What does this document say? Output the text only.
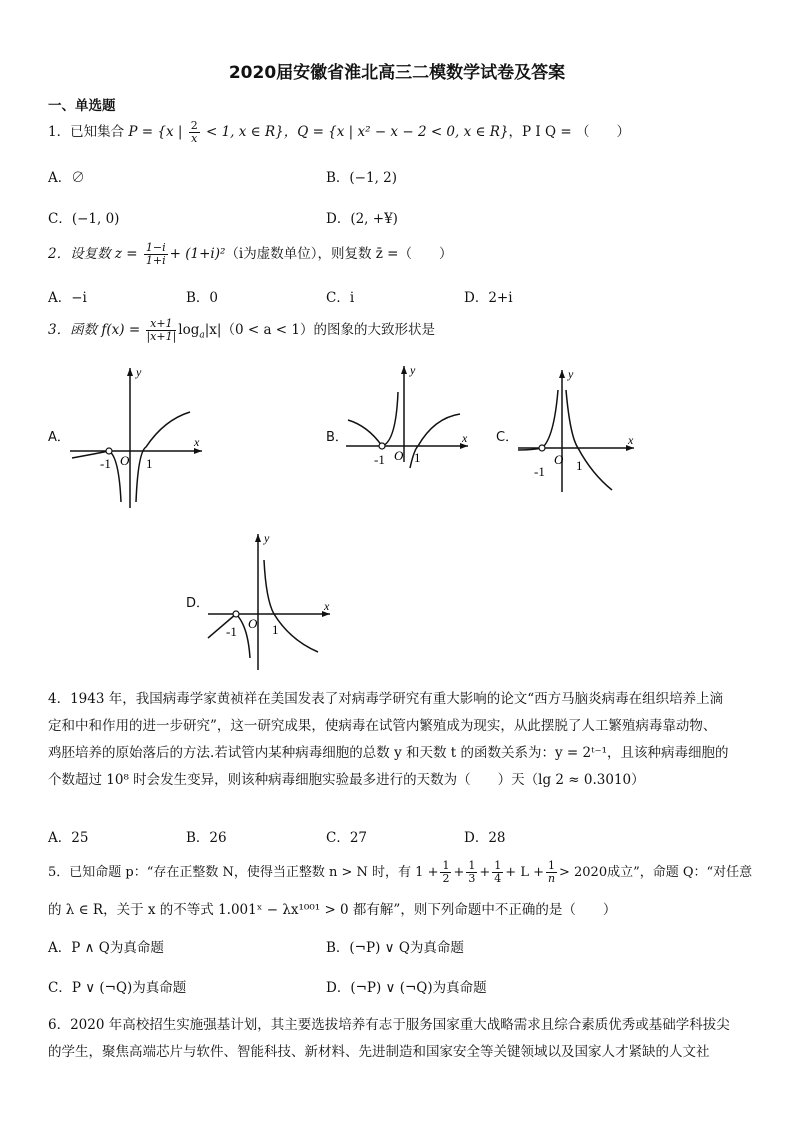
2020届安徽省淮北高三二模数学试卷及答案
一、单选题
1．已知集合 P = {x | $\frac{2}{x} < 1$, x ∈ R}，Q = {x | x² − x − 2 < 0, x ∈ R}，P I Q = （　　）
A．∅	B．(−1, 2)
C．(−1, 0)	D．(2, +¥)
2．设复数 $z = \frac{1-i}{1+i} + (1+i)^2(i$为虚数单位），则复数 z̄ =（　　）
A．−i	B．0	C．i	D．2+i
3．函数 $f(x) = \frac{x+1}{|x+1|} \log_a|x|(0 < a < 1)$的图象的大致形状是
A．	B．	C．
D．
x
y
-1 O 1
x
y
-1 O 1
x
y
-1
O 1
x
y
-1
O 1
4．1943 年，我国病毒学家黄祯祥在美国发表了对病毒学研究有重大影响的论文“西方马脑炎病毒在组织培养上滴
定和中和作用的进一步研究”，这一研究成果，使病毒在试管内繁殖成为现实，从此摆脱了人工繁殖病毒靠动物、
鸡胚培养的原始落后的方法.若试管内某种病毒细胞的总数 y 和天数 t 的函数关系为：y = 2ᵗ⁻¹，且该种病毒细胞的
个数超过 10⁸ 时会发生变异，则该种病毒细胞实验最多进行的天数为（　　）天（lg 2 ≈ 0.3010）
A．25	B．26	C．27	D．28
5．已知命题 p：“存在正整数 N，使得当正整数 n > N 时，有 $1 + \frac{1}{2} + \frac{1}{3} + \frac{1}{4} + L + \frac{1}{n} > 2020$成立”，命题 Q：“对任意
的 λ ∈ R，关于 x 的不等式 1.001ˣ − λx¹⁰⁰¹ > 0 都有解”，则下列命题中不正确的是（　　）
A．P ∧ Q为真命题	B．(¬P) ∨ Q为真命题
C．P ∨ (¬Q)为真命题	D．(¬P) ∨ (¬Q)为真命题
6．2020 年高校招生实施强基计划，其主要选拔培养有志于服务国家重大战略需求且综合素质优秀或基础学科拔尖
的学生，聚焦高端芯片与软件、智能科技、新材料、先进制造和国家安全等关键领域以及国家人才紧缺的人文社
